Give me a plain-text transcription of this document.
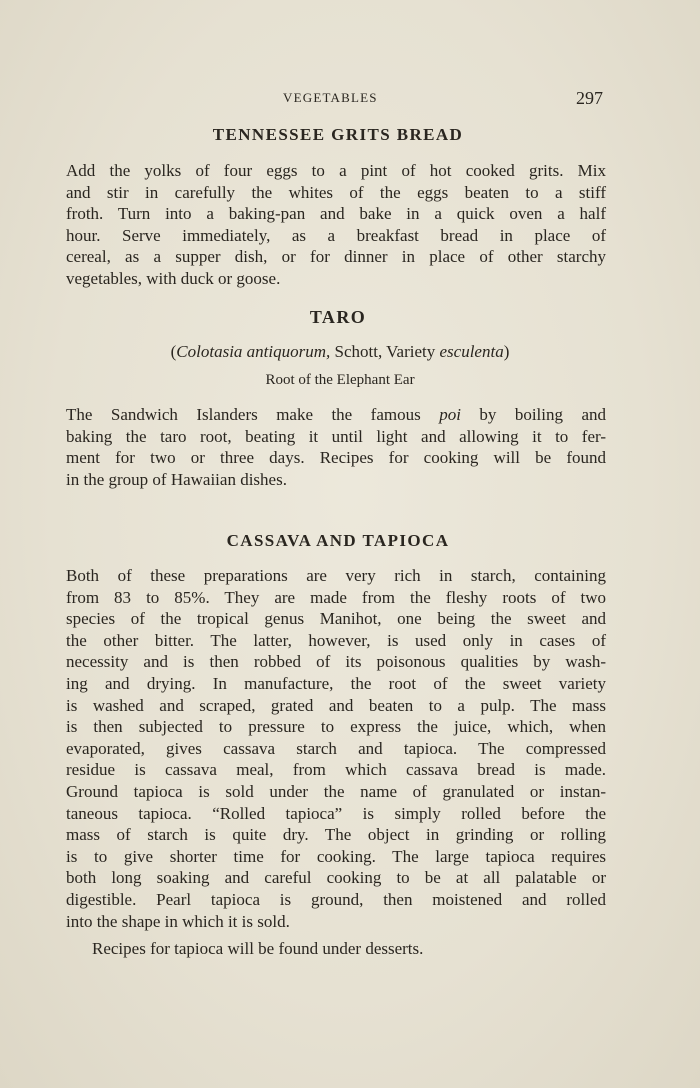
VEGETABLES	297
TENNESSEE GRITS BREAD
Add the yolks of four eggs to a pint of hot cooked grits. Mix
and stir in carefully the whites of the eggs beaten to a stiff
froth. Turn into a baking-pan and bake in a quick oven a half
hour. Serve immediately, as a breakfast bread in place of
cereal, as a supper dish, or for dinner in place of other starchy
vegetables, with duck or goose.
TARO
(Colotasia antiquorum, Schott, Variety esculenta)
Root of the Elephant Ear
The Sandwich Islanders make the famous poi by boiling and
baking the taro root, beating it until light and allowing it to fer-
ment for two or three days. Recipes for cooking will be found
in the group of Hawaiian dishes.
CASSAVA AND TAPIOCA
Both of these preparations are very rich in starch, containing
from 83 to 85%. They are made from the fleshy roots of two
species of the tropical genus Manihot, one being the sweet and
the other bitter. The latter, however, is used only in cases of
necessity and is then robbed of its poisonous qualities by wash-
ing and drying. In manufacture, the root of the sweet variety
is washed and scraped, grated and beaten to a pulp. The mass
is then subjected to pressure to express the juice, which, when
evaporated, gives cassava starch and tapioca. The compressed
residue is cassava meal, from which cassava bread is made.
Ground tapioca is sold under the name of granulated or instan-
taneous tapioca. “Rolled tapioca” is simply rolled before the
mass of starch is quite dry. The object in grinding or rolling
is to give shorter time for cooking. The large tapioca requires
both long soaking and careful cooking to be at all palatable or
digestible. Pearl tapioca is ground, then moistened and rolled
into the shape in which it is sold.
Recipes for tapioca will be found under desserts.
